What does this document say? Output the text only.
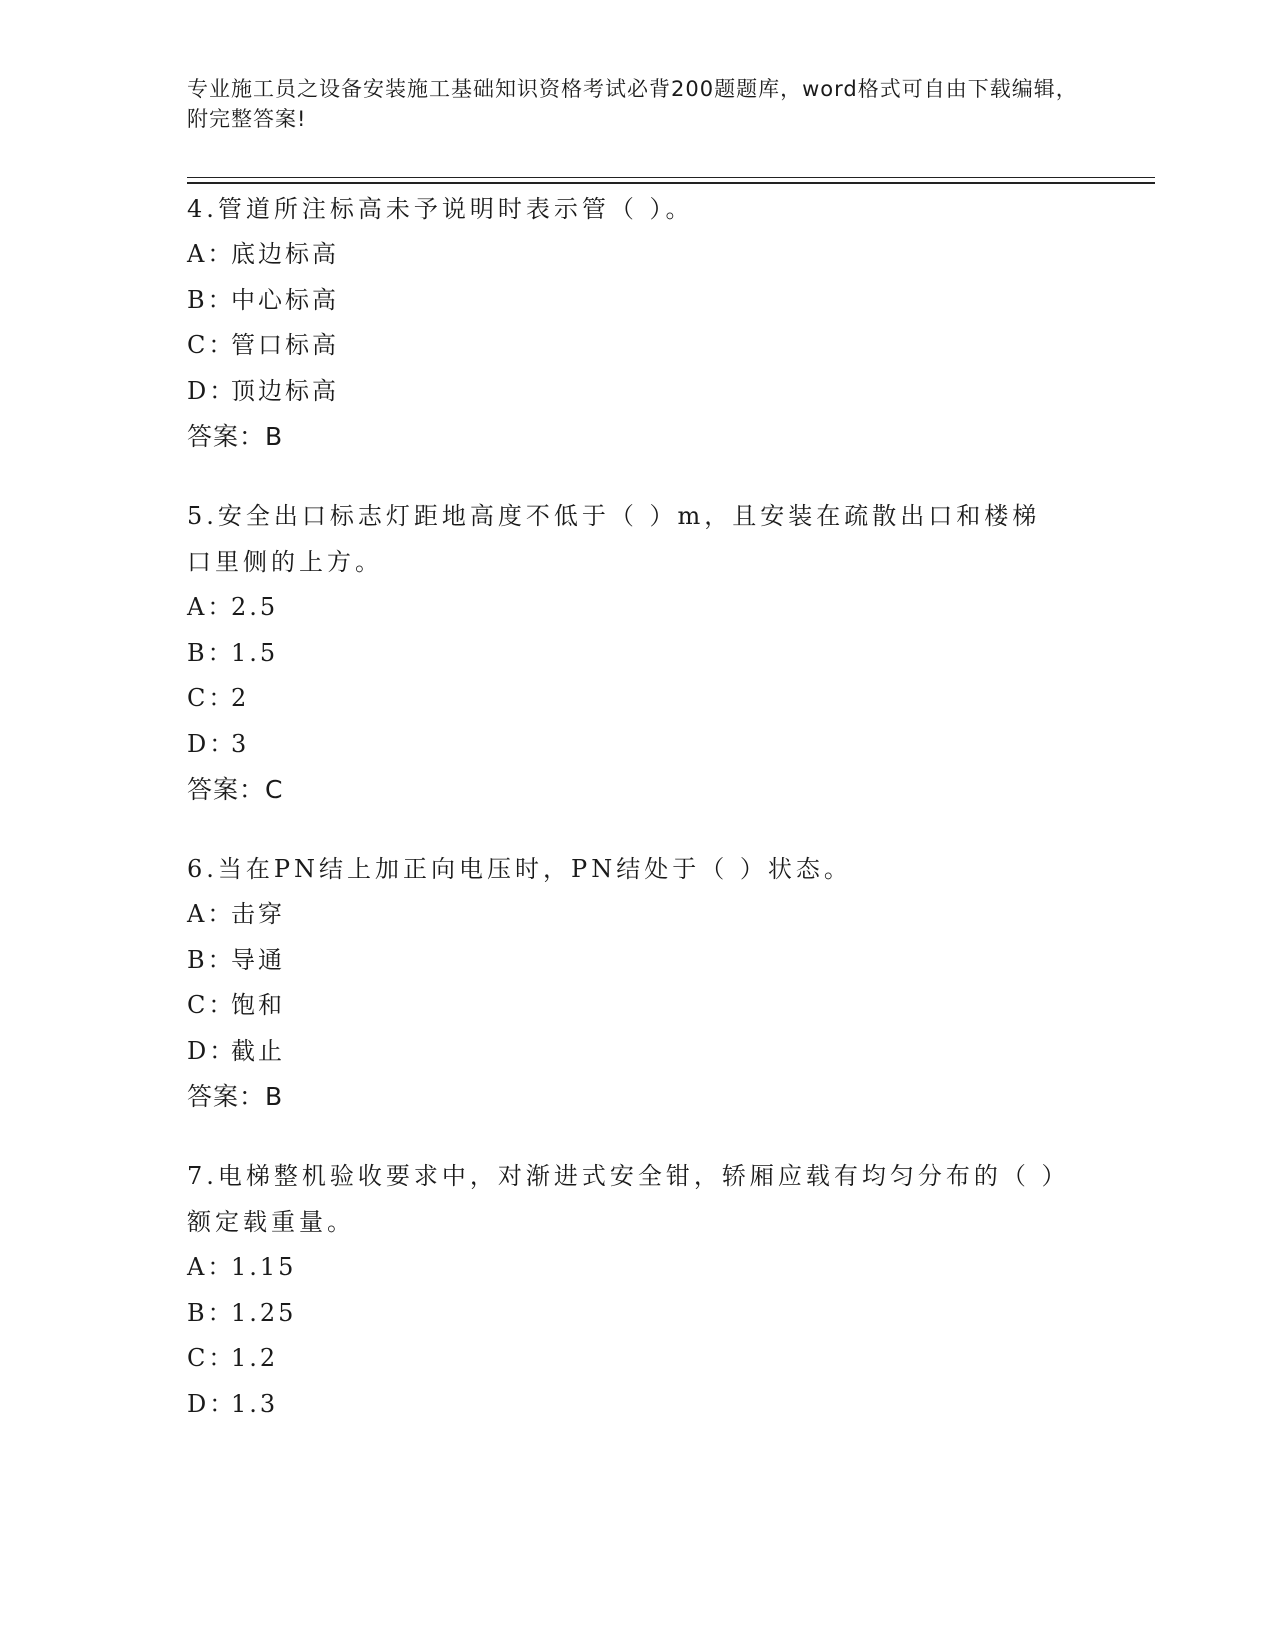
专业施工员之设备安装施工基础知识资格考试必背200题题库，word格式可自由下载编辑，附完整答案!

4.管道所注标高未予说明时表示管（ ）。

A：底边标高

B：中心标高

C：管口标高

D：顶边标高

答案：B

5.安全出口标志灯距地高度不低于（ ）m，且安装在疏散出口和楼梯口里侧的上方。

A：2.5

B：1.5

C：2

D：3

答案：C

6.当在PN结上加正向电压时，PN结处于（ ）状态。

A：击穿

B：导通

C：饱和

D：截止

答案：B

7.电梯整机验收要求中，对渐进式安全钳，轿厢应载有均匀分布的（ ）额定载重量。

A：1.15

B：1.25

C：1.2

D：1.3
